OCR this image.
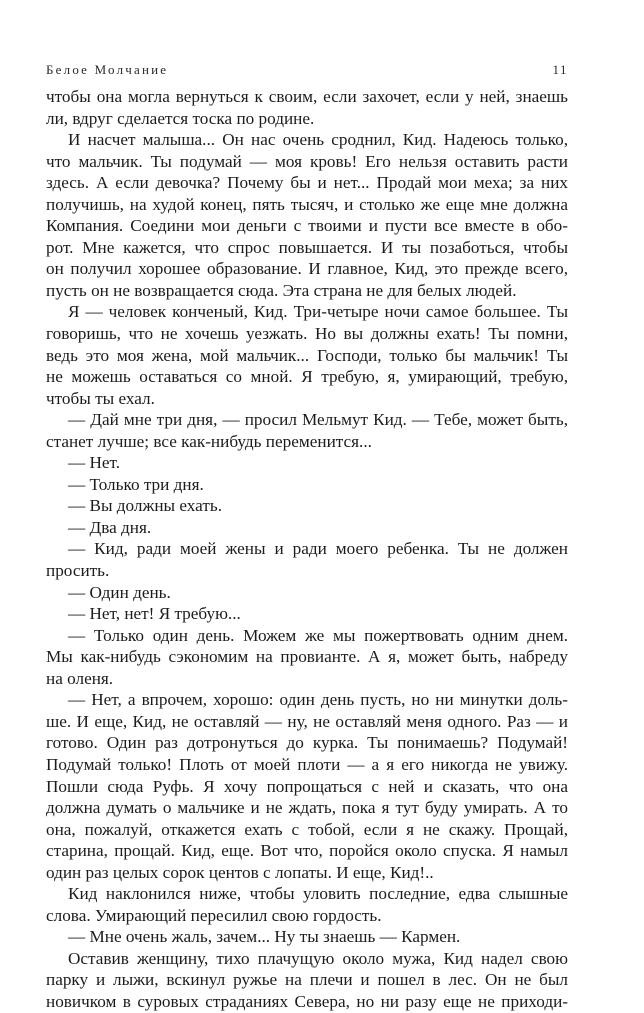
Белое Молчание	11
чтобы она могла вернуться к своим, если захочет, если у ней, знаешь
ли, вдруг сделается тоска по родине.
И насчет малыша... Он нас очень сроднил, Кид. Надеюсь только,
что мальчик. Ты подумай — моя кровь! Его нельзя оставить расти
здесь. А если девочка? Почему бы и нет... Продай мои меха; за них
получишь, на худой конец, пять тысяч, и столько же еще мне должна
Компания. Соедини мои деньги с твоими и пусти все вместе в обо-
рот. Мне кажется, что спрос повышается. И ты позаботься, чтобы
он получил хорошее образование. И главное, Кид, это прежде всего,
пусть он не возвращается сюда. Эта страна не для белых людей.
Я — человек конченый, Кид. Три-четыре ночи самое большее. Ты
говоришь, что не хочешь уезжать. Но вы должны ехать! Ты помни,
ведь это моя жена, мой мальчик... Господи, только бы мальчик! Ты
не можешь оставаться со мной. Я требую, я, умирающий, требую,
чтобы ты ехал.
— Дай мне три дня, — просил Мельмут Кид. — Тебе, может быть,
станет лучше; все как-нибудь переменится...
— Нет.
— Только три дня.
— Вы должны ехать.
— Два дня.
— Кид, ради моей жены и ради моего ребенка. Ты не должен
просить.
— Один день.
— Нет, нет! Я требую...
— Только один день. Можем же мы пожертвовать одним днем.
Мы как-нибудь сэкономим на провианте. А я, может быть, набреду
на оленя.
— Нет, а впрочем, хорошо: один день пусть, но ни минутки доль-
ше. И еще, Кид, не оставляй — ну, не оставляй меня одного. Раз — и
готово. Один раз дотронуться до курка. Ты понимаешь? Подумай!
Подумай только! Плоть от моей плоти — а я его никогда не увижу.
Пошли сюда Руфь. Я хочу попрощаться с ней и сказать, что она
должна думать о мальчике и не ждать, пока я тут буду умирать. А то
она, пожалуй, откажется ехать с тобой, если я не скажу. Прощай,
старина, прощай. Кид, еще. Вот что, поройся около спуска. Я намыл
один раз целых сорок центов с лопаты. И еще, Кид!..
Кид наклонился ниже, чтобы уловить последние, едва слышные
слова. Умирающий пересилил свою гордость.
— Мне очень жаль, зачем... Ну ты знаешь — Кармен.
Оставив женщину, тихо плачущую около мужа, Кид надел свою
парку и лыжи, вскинул ружье на плечи и пошел в лес. Он не был
новичком в суровых страданиях Севера, но ни разу еще не приходи-
